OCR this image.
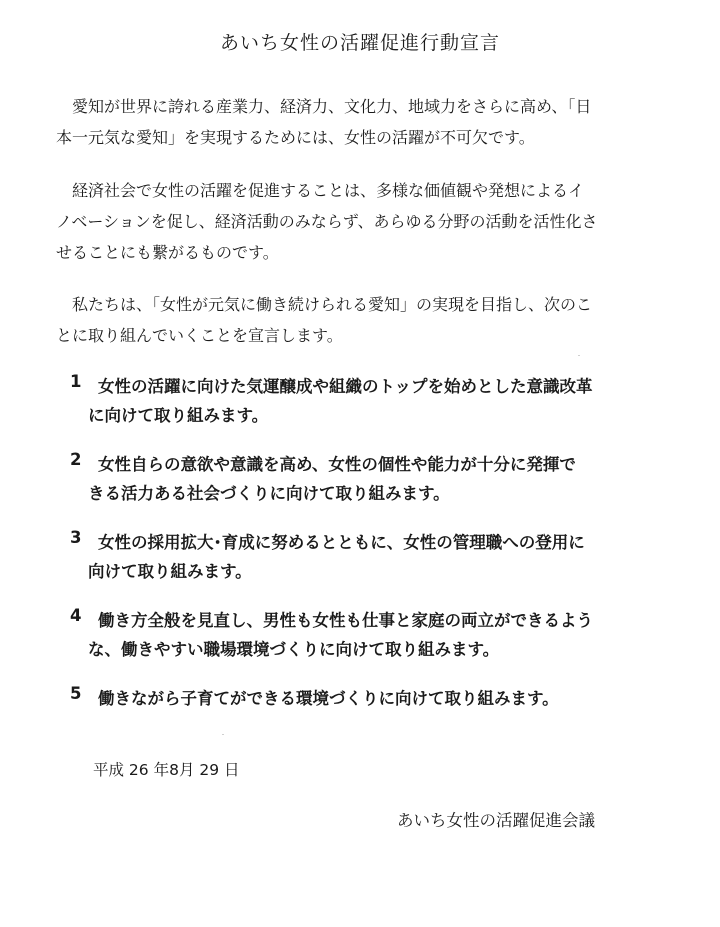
あいち女性の活躍促進行動宣言

愛知が世界に誇れる産業力、経済力、文化力、地域力をさらに高め、「日
本一元気な愛知」を実現するためには、女性の活躍が不可欠です。

経済社会で女性の活躍を促進することは、多様な価値観や発想によるイ
ノベーションを促し、経済活動のみならず、あらゆる分野の活動を活性化さ
せることにも繋がるものです。

私たちは、「女性が元気に働き続けられる愛知」の実現を目指し、次のこ
とに取り組んでいくことを宣言します。

1	女性の活躍に向けた気運醸成や組織のトップを始めとした意識改革
に向けて取り組みます。
2	女性自らの意欲や意識を高め、女性の個性や能力が十分に発揮で
きる活力ある社会づくりに向けて取り組みます。
3	女性の採用拡大･育成に努めるとともに、女性の管理職への登用に
向けて取り組みます。
4	働き方全般を見直し、男性も女性も仕事と家庭の両立ができるよう
な、働きやすい職場環境づくりに向けて取り組みます。
5	働きながら子育てができる環境づくりに向けて取り組みます。
平成 26 年8月 29 日
あいち女性の活躍促進会議
